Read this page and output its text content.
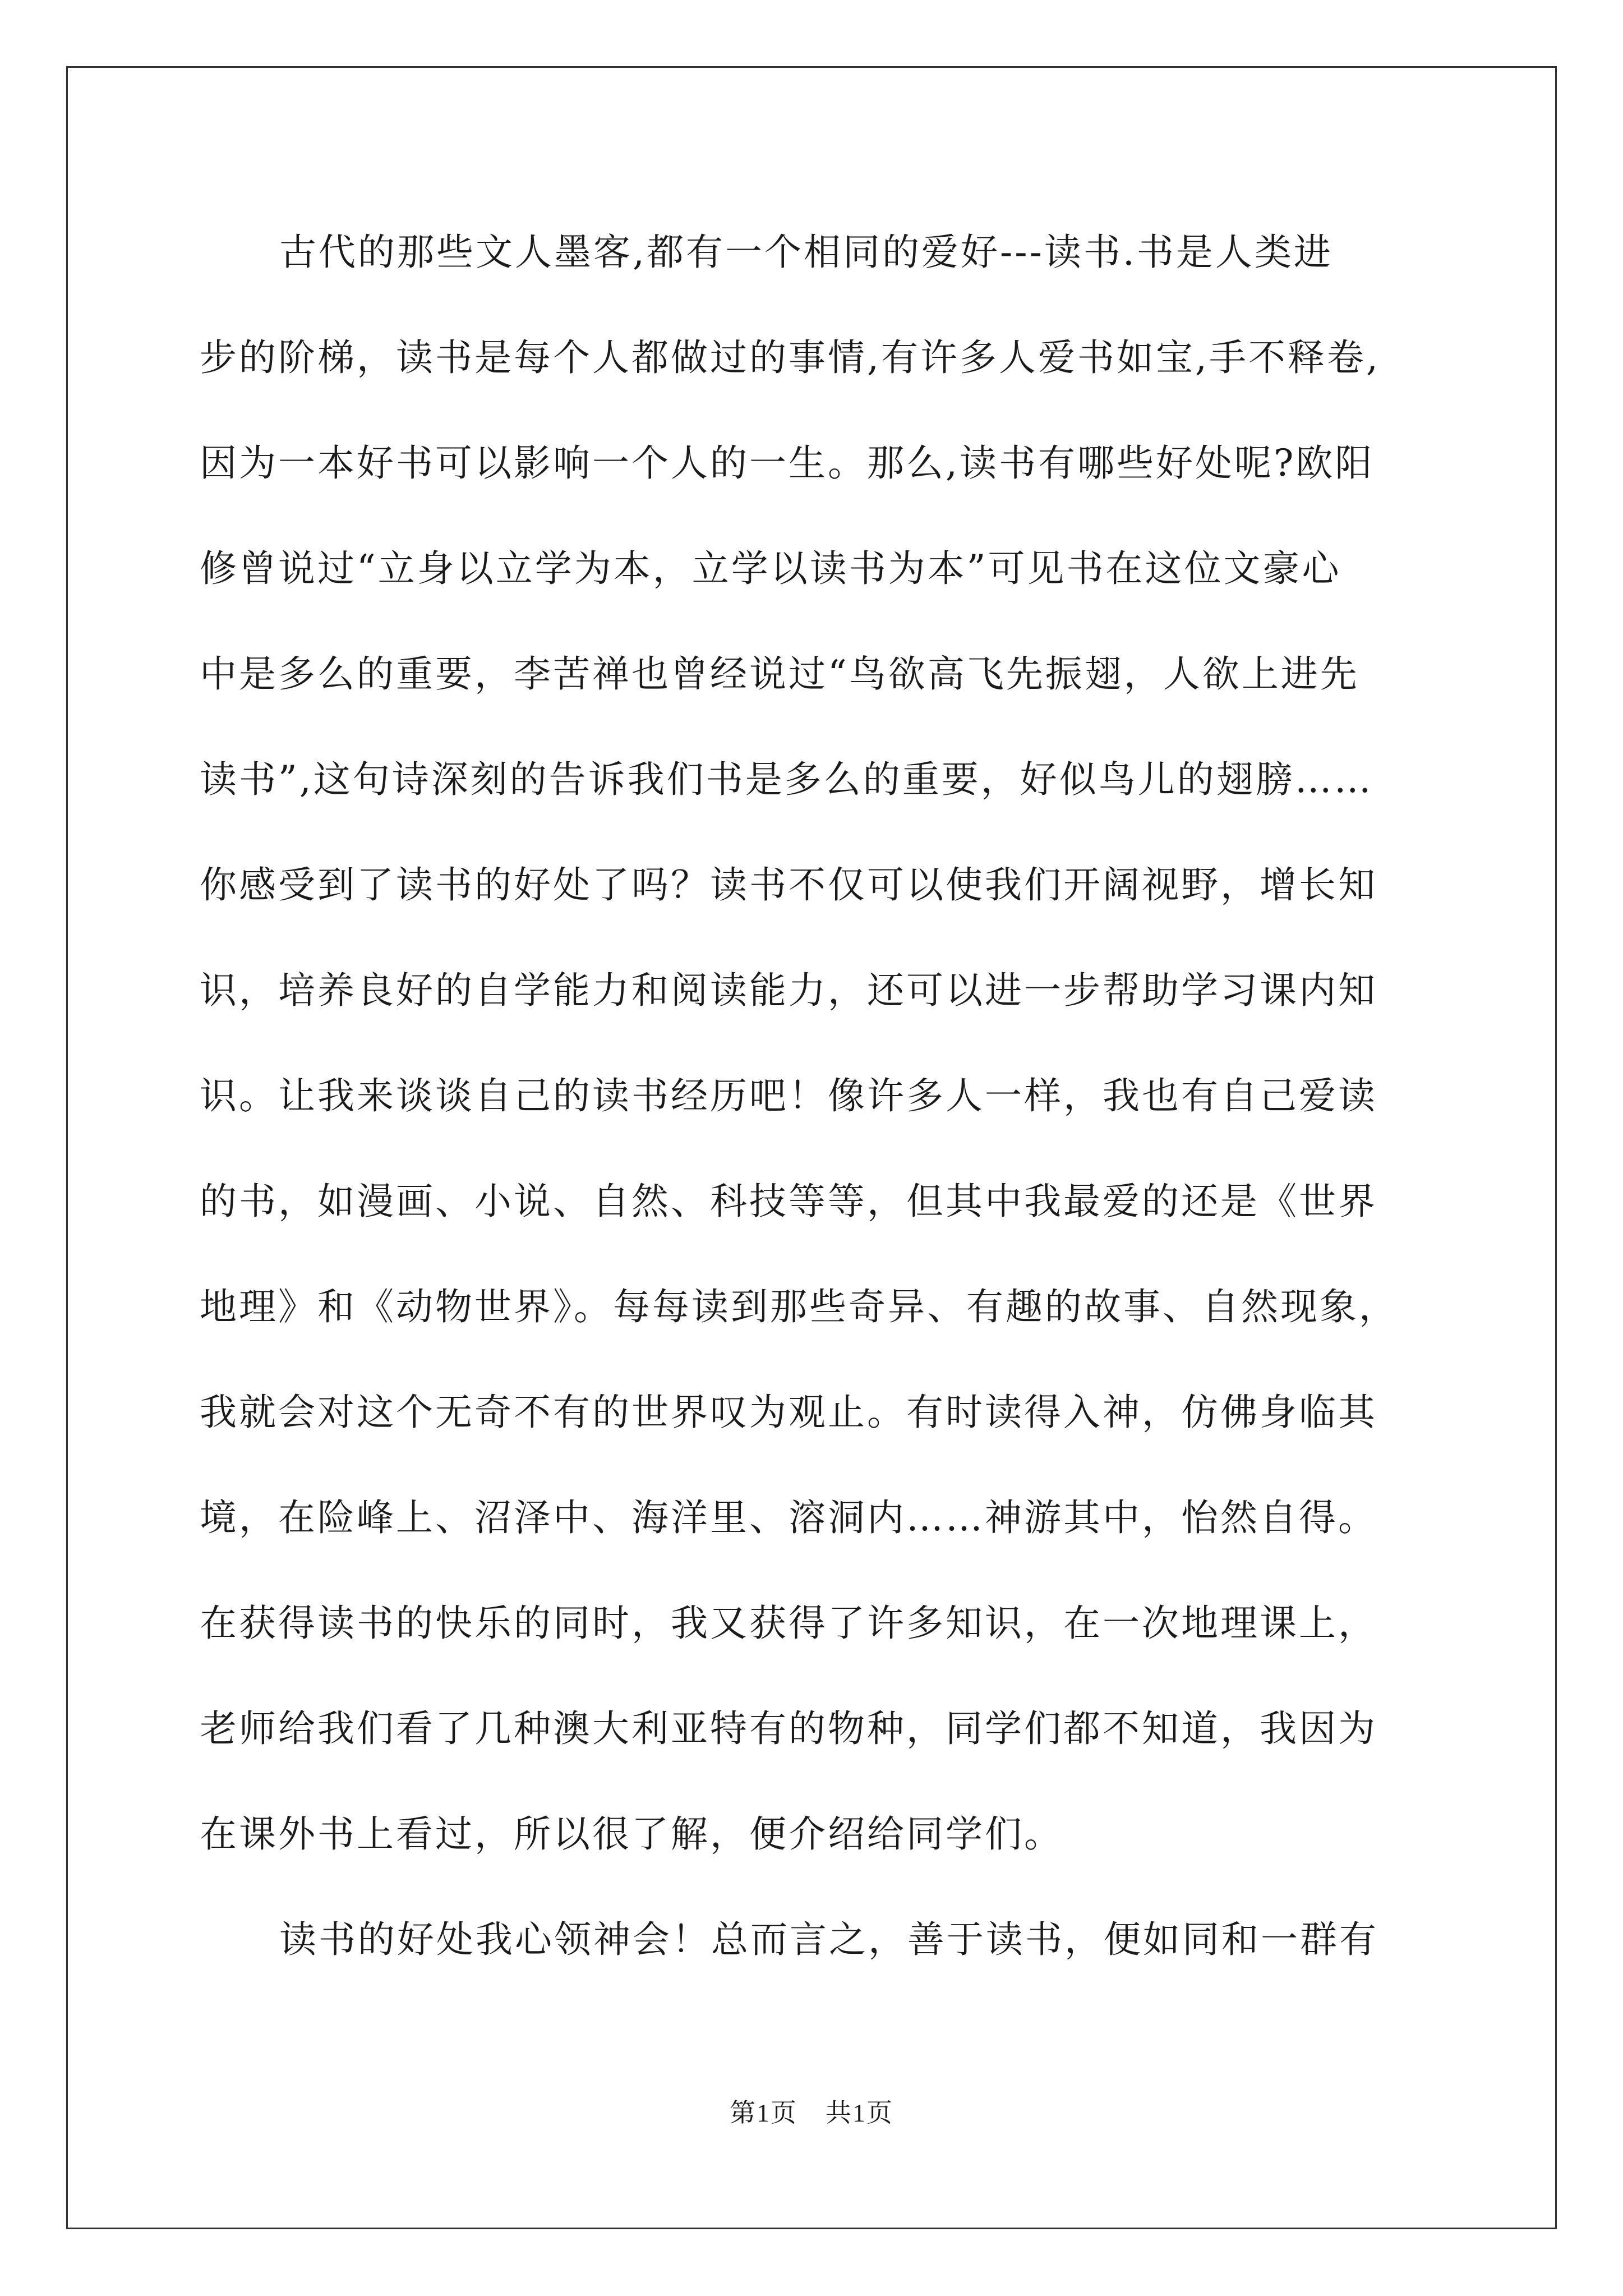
古代的那些文人墨客,都有一个相同的爱好---读书.书是人类进
步的阶梯，读书是每个人都做过的事情,有许多人爱书如宝,手不释卷,
因为一本好书可以影响一个人的一生。那么,读书有哪些好处呢?欧阳
修曾说过“立身以立学为本，立学以读书为本”可见书在这位文豪心
中是多么的重要，李苦禅也曾经说过“鸟欲高飞先振翅，人欲上进先
读书”,这句诗深刻的告诉我们书是多么的重要，好似鸟儿的翅膀……
你感受到了读书的好处了吗？读书不仅可以使我们开阔视野，增长知
识，培养良好的自学能力和阅读能力，还可以进一步帮助学习课内知
识。让我来谈谈自己的读书经历吧！像许多人一样，我也有自己爱读
的书，如漫画、小说、自然、科技等等，但其中我最爱的还是《世界
地理》和《动物世界》。每每读到那些奇异、有趣的故事、自然现象，
我就会对这个无奇不有的世界叹为观止。有时读得入神，仿佛身临其
境，在险峰上、沼泽中、海洋里、溶洞内……神游其中，怡然自得。
在获得读书的快乐的同时，我又获得了许多知识，在一次地理课上，
老师给我们看了几种澳大利亚特有的物种，同学们都不知道，我因为
在课外书上看过，所以很了解，便介绍给同学们。
读书的好处我心领神会！总而言之，善于读书，便如同和一群有
第1页 共1页
